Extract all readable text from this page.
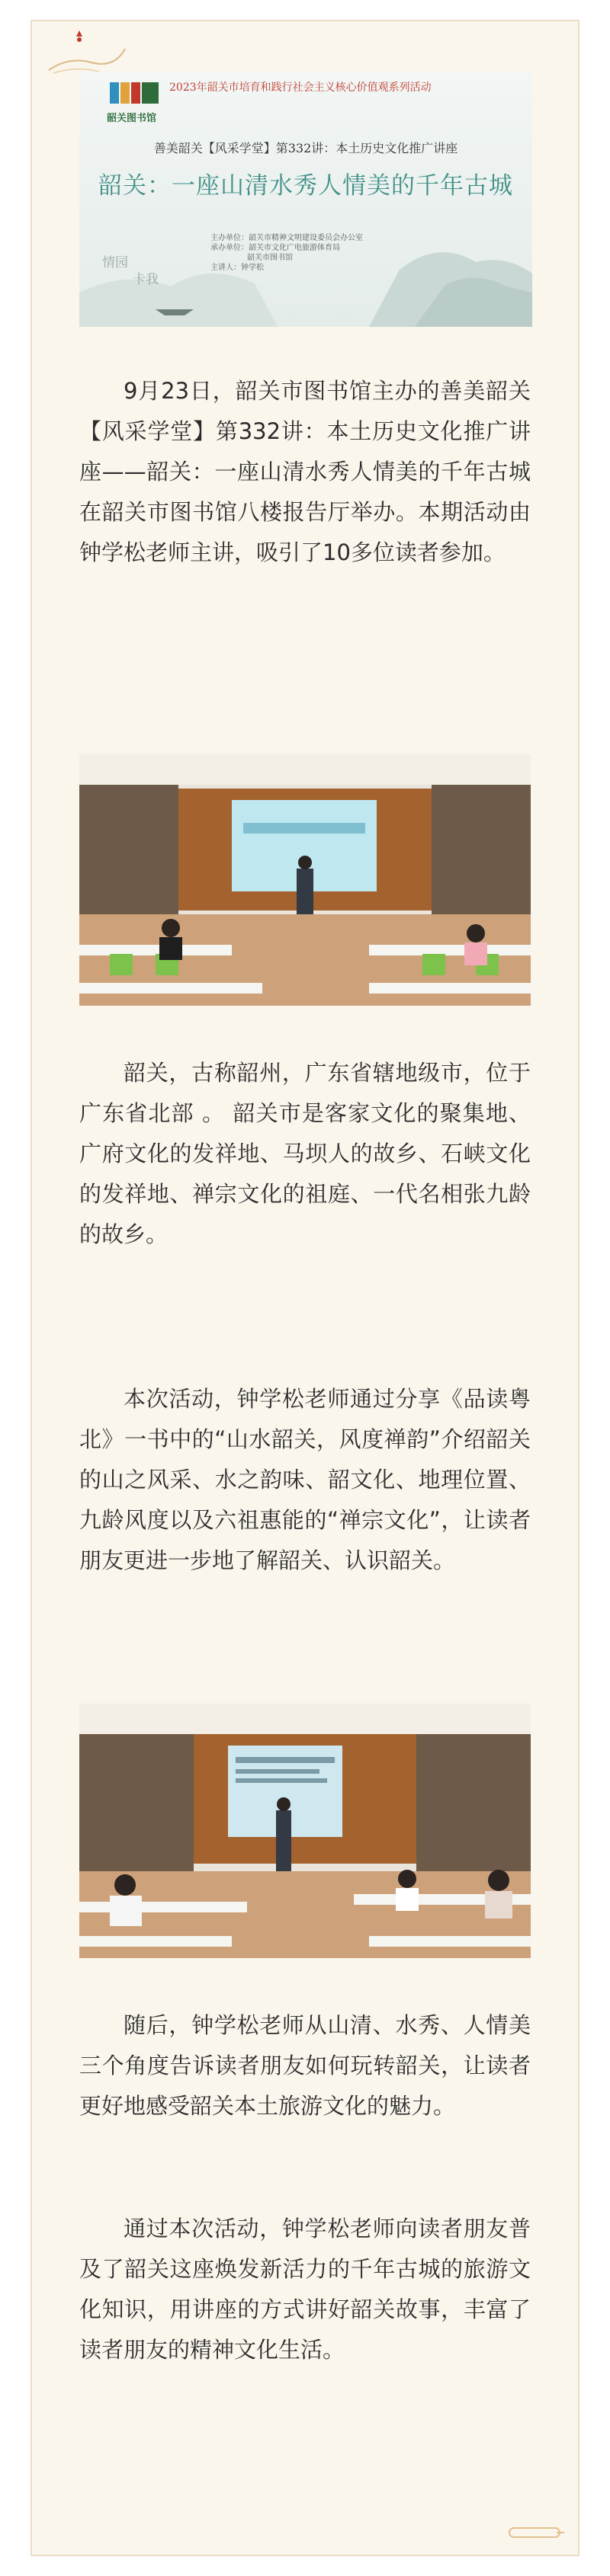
韶关图书馆
2023年韶关市培育和践行社会主义核心价值观系列活动
善美韶关【风采学堂】第332讲：本土历史文化推广讲座
韶关：一座山清水秀人情美的千年古城
情园
卡我
主办单位：韶关市精神文明建设委员会办公室
承办单位：韶关市文化广电旅游体育局
韶关市图书馆
主讲人：钟学松

9月23日，韶关市图书馆主办的善美韶关【风采学堂】第332讲：本土历史文化推广讲座——韶关：一座山清水秀人情美的千年古城在韶关市图书馆八楼报告厅举办。本期活动由钟学松老师主讲，吸引了10多位读者参加。

韶关，古称韶州，广东省辖地级市，位于广东省北部 。 韶关市是客家文化的聚集地、广府文化的发祥地、马坝人的故乡、石峡文化的发祥地、禅宗文化的祖庭、一代名相张九龄的故乡。

本次活动，钟学松老师通过分享《品读粤北》一书中的“山水韶关，风度禅韵”介绍韶关的山之风采、水之韵味、韶文化、地理位置、九龄风度以及六祖惠能的“禅宗文化”，让读者朋友更进一步地了解韶关、认识韶关。

随后，钟学松老师从山清、水秀、人情美三个角度告诉读者朋友如何玩转韶关，让读者更好地感受韶关本土旅游文化的魅力。

通过本次活动，钟学松老师向读者朋友普及了韶关这座焕发新活力的千年古城的旅游文化知识，用讲座的方式讲好韶关故事，丰富了读者朋友的精神文化生活。
